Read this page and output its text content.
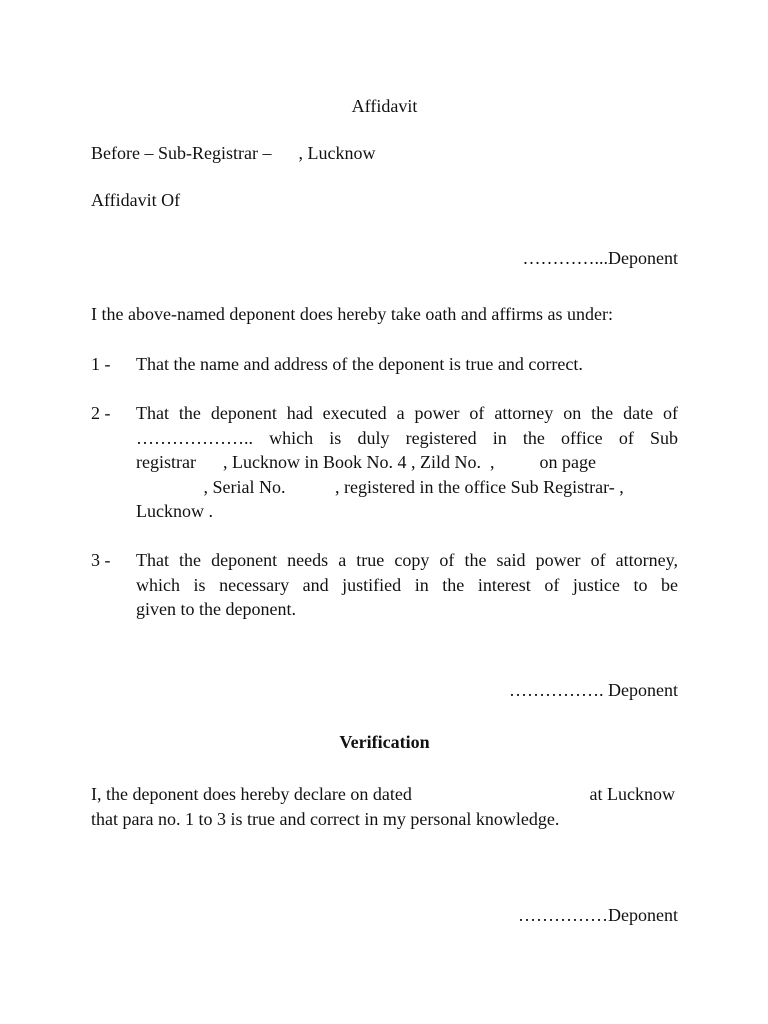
Affidavit
Before – Sub-Registrar –      , Lucknow
Affidavit Of
…………...Deponent
I the above-named deponent does hereby take oath and affirms as under:
1 - That the name and address of the deponent is true and correct.
2 - That the deponent had executed a power of attorney on the date of
……………….. which is duly registered in the office of Sub
registrar      , Lucknow in Book No. 4 , Zild No.  ,          on page
, Serial No.           , registered in the office Sub Registrar- ,
Lucknow .
3 - That the deponent needs a true copy of the said power of attorney,
which is necessary and justified in the interest of justice to be
given to the deponent.
……………. Deponent
Verification
I, the deponent does hereby declare on dated	at Lucknow
that para no. 1 to 3 is true and correct in my personal knowledge.
……………Deponent
